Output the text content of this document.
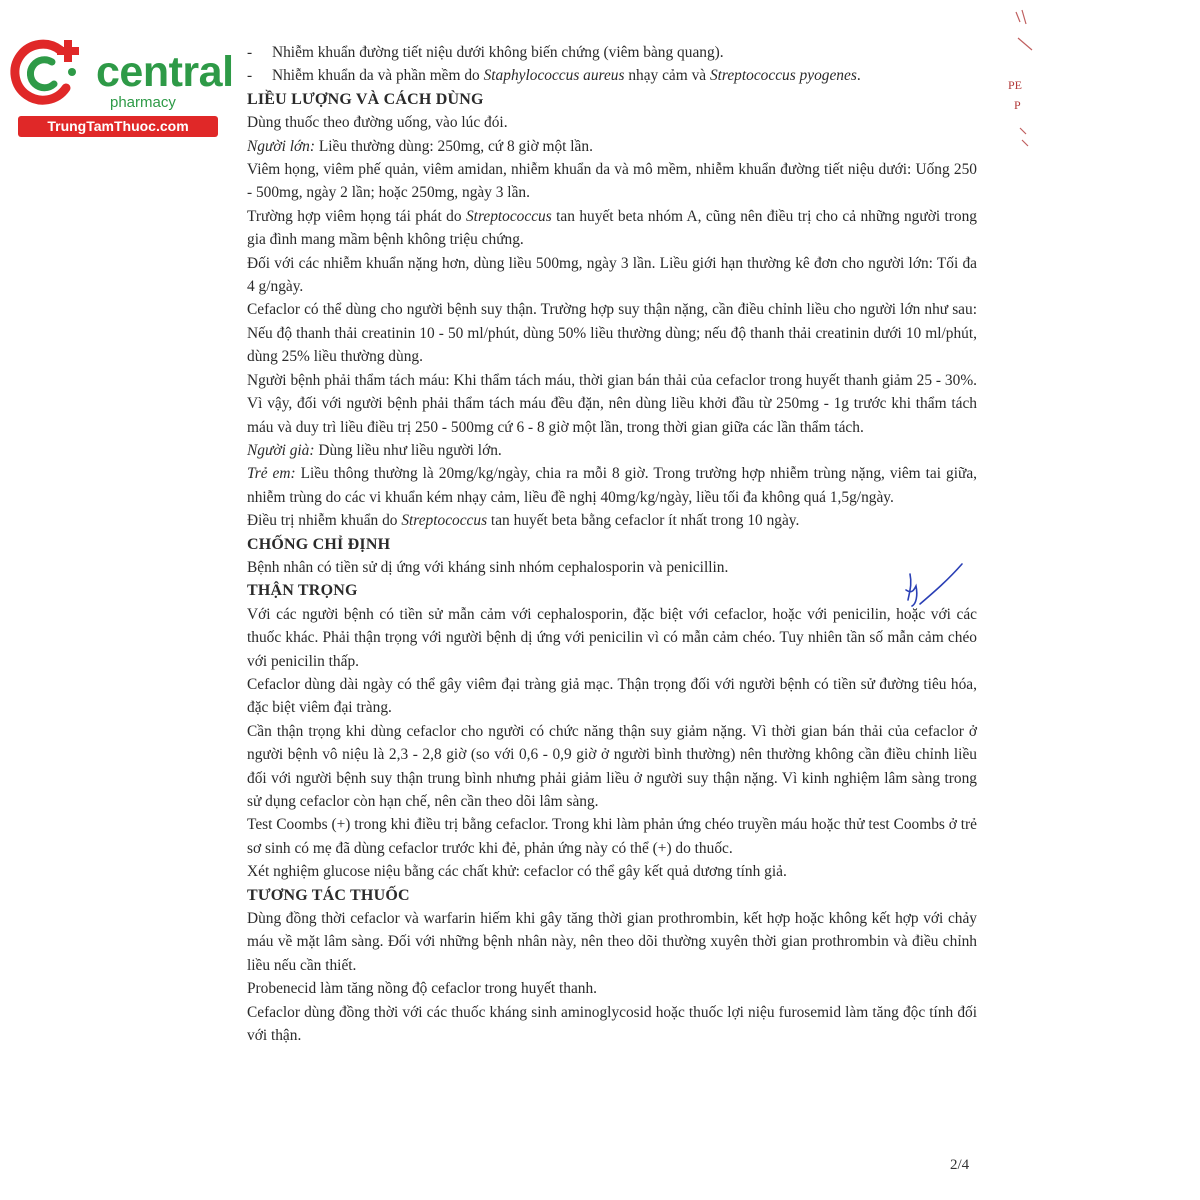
central
pharmacy
TrungTamThuoc.com
PE
P

- Nhiễm khuẩn đường tiết niệu dưới không biến chứng (viêm bàng quang).

- Nhiễm khuẩn da và phần mềm do Staphylococcus aureus nhạy cảm và Streptococcus pyogenes.

LIỀU LƯỢNG VÀ CÁCH DÙNG

Dùng thuốc theo đường uống, vào lúc đói.

Người lớn: Liều thường dùng: 250mg, cứ 8 giờ một lần.

Viêm họng, viêm phế quản, viêm amidan, nhiễm khuẩn da và mô mềm, nhiễm khuẩn đường tiết niệu dưới: Uống 250 - 500mg, ngày 2 lần; hoặc 250mg, ngày 3 lần.

Trường hợp viêm họng tái phát do Streptococcus tan huyết beta nhóm A, cũng nên điều trị cho cả những người trong gia đình mang mầm bệnh không triệu chứng.

Đối với các nhiễm khuẩn nặng hơn, dùng liều 500mg, ngày 3 lần. Liều giới hạn thường kê đơn cho người lớn: Tối đa 4 g/ngày.

Cefaclor có thể dùng cho người bệnh suy thận. Trường hợp suy thận nặng, cần điều chỉnh liều cho người lớn như sau: Nếu độ thanh thải creatinin 10 - 50 ml/phút, dùng 50% liều thường dùng; nếu độ thanh thải creatinin dưới 10 ml/phút, dùng 25% liều thường dùng.

Người bệnh phải thẩm tách máu: Khi thẩm tách máu, thời gian bán thải của cefaclor trong huyết thanh giảm 25 - 30%. Vì vậy, đối với người bệnh phải thẩm tách máu đều đặn, nên dùng liều khởi đầu từ 250mg - 1g trước khi thẩm tách máu và duy trì liều điều trị 250 - 500mg cứ 6 - 8 giờ một lần, trong thời gian giữa các lần thẩm tách.

Người già: Dùng liều như liều người lớn.

Trẻ em: Liều thông thường là 20mg/kg/ngày, chia ra mỗi 8 giờ. Trong trường hợp nhiễm trùng nặng, viêm tai giữa, nhiễm trùng do các vi khuẩn kém nhạy cảm, liều đề nghị 40mg/kg/ngày, liều tối đa không quá 1,5g/ngày.

Điều trị nhiễm khuẩn do Streptococcus tan huyết beta bằng cefaclor ít nhất trong 10 ngày.

CHỐNG CHỈ ĐỊNH

Bệnh nhân có tiền sử dị ứng với kháng sinh nhóm cephalosporin và penicillin.

THẬN TRỌNG

Với các người bệnh có tiền sử mẫn cảm với cephalosporin, đặc biệt với cefaclor, hoặc với penicilin, hoặc với các thuốc khác. Phải thận trọng với người bệnh dị ứng với penicilin vì có mẫn cảm chéo. Tuy nhiên tần số mẫn cảm chéo với penicilin thấp.

Cefaclor dùng dài ngày có thể gây viêm đại tràng giả mạc. Thận trọng đối với người bệnh có tiền sử đường tiêu hóa, đặc biệt viêm đại tràng.

Cần thận trọng khi dùng cefaclor cho người có chức năng thận suy giảm nặng. Vì thời gian bán thải của cefaclor ở người bệnh vô niệu là 2,3 - 2,8 giờ (so với 0,6 - 0,9 giờ ở người bình thường) nên thường không cần điều chỉnh liều đối với người bệnh suy thận trung bình nhưng phải giảm liều ở người suy thận nặng. Vì kinh nghiệm lâm sàng trong sử dụng cefaclor còn hạn chế, nên cần theo dõi lâm sàng.

Test Coombs (+) trong khi điều trị bằng cefaclor. Trong khi làm phản ứng chéo truyền máu hoặc thử test Coombs ở trẻ sơ sinh có mẹ đã dùng cefaclor trước khi đẻ, phản ứng này có thể (+) do thuốc.

Xét nghiệm glucose niệu bằng các chất khử: cefaclor có thể gây kết quả dương tính giả.

TƯƠNG TÁC THUỐC

Dùng đồng thời cefaclor và warfarin hiếm khi gây tăng thời gian prothrombin, kết hợp hoặc không kết hợp với chảy máu về mặt lâm sàng. Đối với những bệnh nhân này, nên theo dõi thường xuyên thời gian prothrombin và điều chỉnh liều nếu cần thiết.

Probenecid làm tăng nồng độ cefaclor trong huyết thanh.

Cefaclor dùng đồng thời với các thuốc kháng sinh aminoglycosid hoặc thuốc lợi niệu furosemid làm tăng độc tính đối với thận.

2/4
